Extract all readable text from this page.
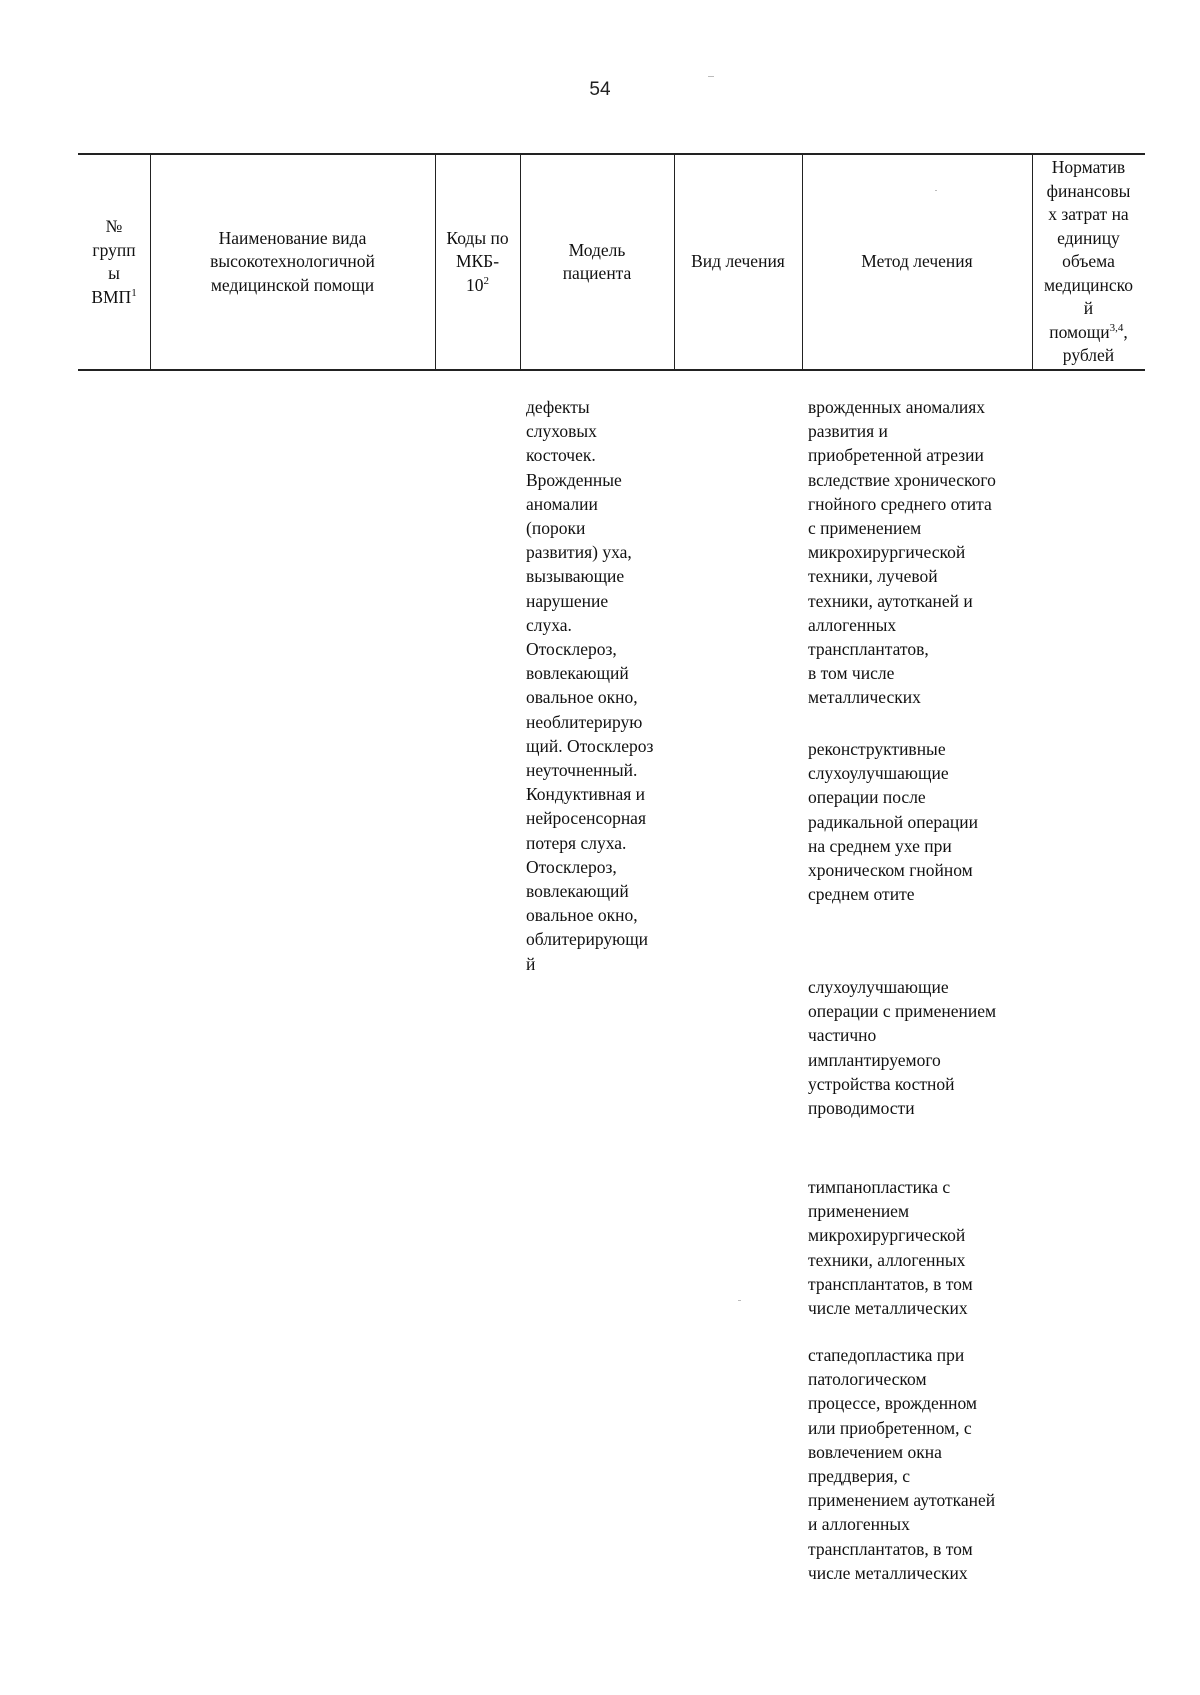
54
№
групп
ы
ВМП$^1$
Наименование вида
высокотехнологичной
медицинской помощи
Коды по
МКБ-
$10^2$
Модель
пациента
Вид лечения	Метод лечения
Норматив
финансовы
х затрат на
единицу
объема
медицинско
й
помощи$^{3,4}$,
рублей
дефекты
слуховых
косточек.
Врожденные
аномалии
(пороки
развития) уха,
вызывающие
нарушение
слуха.
Отосклероз,
вовлекающий
овальное окно,
необлитерирую
щий. Отосклероз
неуточненный.
Кондуктивная и
нейросенсорная
потеря слуха.
Отосклероз,
вовлекающий
овальное окно,
облитерирующи
й
врожденных аномалиях
развития и
приобретенной атрезии
вследствие хронического
гнойного среднего отита
с применением
микрохирургической
техники, лучевой
техники, аутотканей и
аллогенных
трансплантатов,
в том числе
металлических
реконструктивные
слухоулучшающие
операции после
радикальной операции
на среднем ухе при
хроническом гнойном
среднем отите
слухоулучшающие
операции с применением
частично
имплантируемого
устройства костной
проводимости
тимпанопластика с
применением
микрохирургической
техники, аллогенных
трансплантатов, в том
числе металлических
стапедопластика при
патологическом
процессе, врожденном
или приобретенном, с
вовлечением окна
преддверия, с
применением аутотканей
и аллогенных
трансплантатов, в том
числе металлических
